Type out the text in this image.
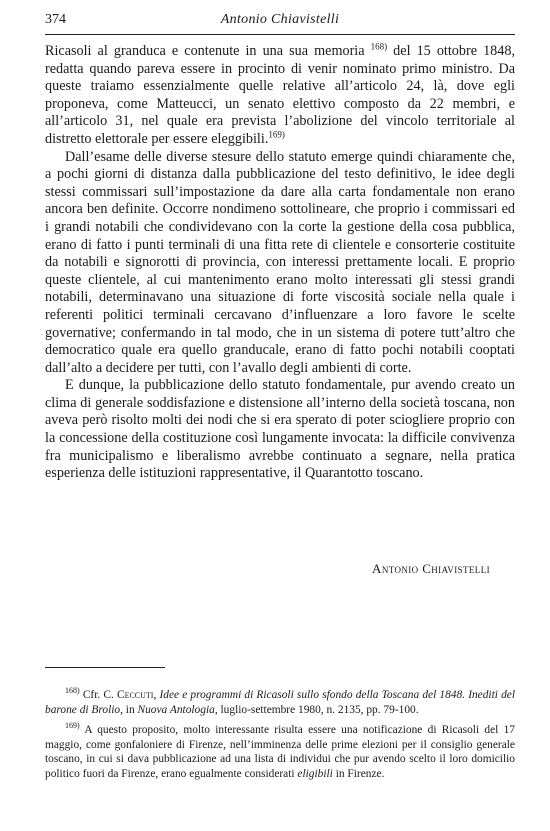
374	Antonio Chiavistelli

Ricasoli al granduca e contenute in una sua memoria $^{168)}$ del 15 ottobre 1848, redatta quando pareva essere in procinto di venir nominato primo ministro. Da queste traiamo essenzialmente quelle relative all’articolo 24, là, dove egli proponeva, come Matteucci, un senato elettivo composto da 22 membri, e all’articolo 31, nel quale era prevista l’abolizione del vincolo territoriale al distretto elettorale per essere eleggibili.$^{169)}$

Dall’esame delle diverse stesure dello statuto emerge quindi chiaramente che, a pochi giorni di distanza dalla pubblicazione del testo definitivo, le idee degli stessi commissari sull’impostazione da dare alla carta fondamentale non erano ancora ben definite. Occorre nondimeno sottolineare, che proprio i commissari ed i grandi notabili che condividevano con la corte la gestione della cosa pubblica, erano di fatto i punti terminali di una fitta rete di clientele e consorterie costituite da notabili e signorotti di provincia, con interessi prettamente locali. E proprio queste clientele, al cui mantenimento erano molto interessati gli stessi grandi notabili, determinavano una situazione di forte viscosità sociale nella quale i referenti politici terminali cercavano d’influenzare a loro favore le scelte governative; confermando in tal modo, che in un sistema di potere tutt’altro che democratico quale era quello granducale, erano di fatto pochi notabili cooptati dall’alto a decidere per tutti, con l’avallo degli ambienti di corte.

E dunque, la pubblicazione dello statuto fondamentale, pur avendo creato un clima di generale soddisfazione e distensione all’interno della società toscana, non aveva però risolto molti dei nodi che si era sperato di poter sciogliere proprio con la concessione della costituzione così lungamente invocata: la difficile convivenza fra municipalismo e liberalismo avrebbe continuato a segnare, nella pratica esperienza delle istituzioni rappresentative, il Quarantotto toscano.

Antonio Chiavistelli

$^{168)}$ Cfr. C. Ceccuti, Idee e programmi di Ricasoli sullo sfondo della Toscana del 1848. Inediti del barone di Brolio, in Nuova Antologia, luglio-settembre 1980, n. 2135, pp. 79-100.

$^{169)}$ A questo proposito, molto interessante risulta essere una notificazione di Ricasoli del 17 maggio, come gonfaloniere di Firenze, nell’imminenza delle prime elezioni per il consiglio generale toscano, in cui si dava pubblicazione ad una lista di individui che pur avendo scelto il loro domicilio politico fuori da Firenze, erano egualmente considerati eligibili in Firenze.
